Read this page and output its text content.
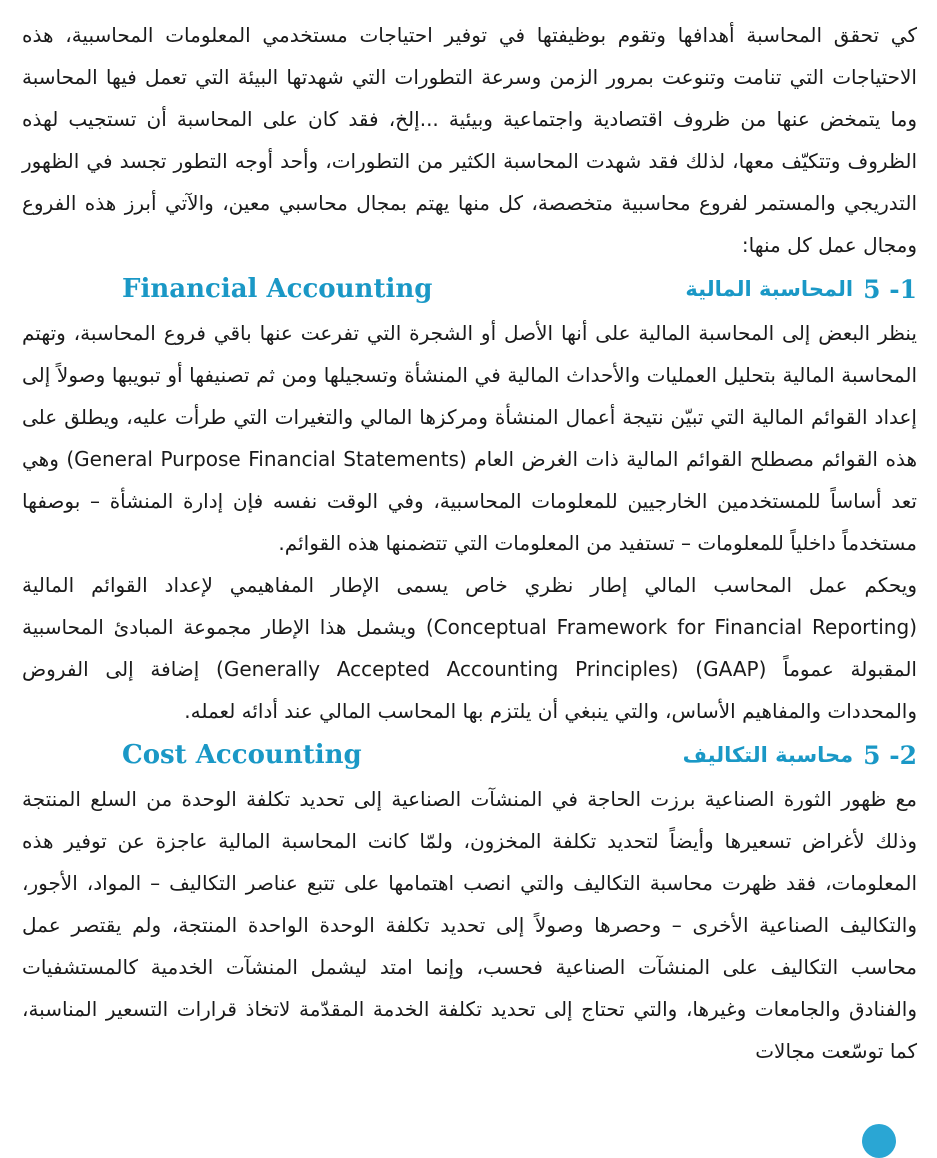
كي تحقق المحاسبة أهدافها وتقوم بوظيفتها في توفير احتياجات مستخدمي المعلومات المحاسبية، هذه الاحتياجات التي تنامت وتنوعت بمرور الزمن وسرعة التطورات التي شهدتها البيئة التي تعمل فيها المحاسبة وما يتمخض عنها من ظروف اقتصادية واجتماعية وبيئية ...إلخ، فقد كان على المحاسبة أن تستجيب لهذه الظروف وتتكيّف معها، لذلك فقد شهدت المحاسبة الكثير من التطورات، وأحد أوجه التطور تجسد في الظهور التدريجي والمستمر لفروع محاسبية متخصصة، كل منها يهتم بمجال محاسبي معين، والآتي أبرز هذه الفروع ومجال عمل كل منها:

5 -1
المحاسبة المالية
Financial Accounting

ينظر البعض إلى المحاسبة المالية على أنها الأصل أو الشجرة التي تفرعت عنها باقي فروع المحاسبة، وتهتم المحاسبة المالية بتحليل العمليات والأحداث المالية في المنشأة وتسجيلها ومن ثم تصنيفها أو تبويبها وصولاً إلى إعداد القوائم المالية التي تبيّن نتيجة أعمال المنشأة ومركزها المالي والتغيرات التي طرأت عليه، ويطلق على هذه القوائم مصطلح القوائم المالية ذات الغرض العام (General Purpose Financial Statements) وهي تعد أساساً للمستخدمين الخارجيين للمعلومات المحاسبية، وفي الوقت نفسه فإن إدارة المنشأة – بوصفها مستخدماً داخلياً للمعلومات – تستفيد من المعلومات التي تتضمنها هذه القوائم.

ويحكم عمل المحاسب المالي إطار نظري خاص يسمى الإطار المفاهيمي لإعداد القوائم المالية (Conceptual Framework for Financial Reporting) ويشمل هذا الإطار مجموعة المبادئ المحاسبية المقبولة عموماً (GAAP) (Generally Accepted Accounting Principles) إضافة إلى الفروض والمحددات والمفاهيم الأساس، والتي ينبغي أن يلتزم بها المحاسب المالي عند أدائه لعمله.

5 -2
محاسبة التكاليف
Cost Accounting

مع ظهور الثورة الصناعية برزت الحاجة في المنشآت الصناعية إلى تحديد تكلفة الوحدة من السلع المنتجة وذلك لأغراض تسعيرها وأيضاً لتحديد تكلفة المخزون، ولمّا كانت المحاسبة المالية عاجزة عن توفير هذه المعلومات، فقد ظهرت محاسبة التكاليف والتي انصب اهتمامها على تتبع عناصر التكاليف – المواد، الأجور، والتكاليف الصناعية الأخرى – وحصرها وصولاً إلى تحديد تكلفة الوحدة الواحدة المنتجة، ولم يقتصر عمل محاسب التكاليف على المنشآت الصناعية فحسب، وإنما امتد ليشمل المنشآت الخدمية كالمستشفيات والفنادق والجامعات وغيرها، والتي تحتاج إلى تحديد تكلفة الخدمة المقدّمة لاتخاذ قرارات التسعير المناسبة، كما توسّعت مجالات
